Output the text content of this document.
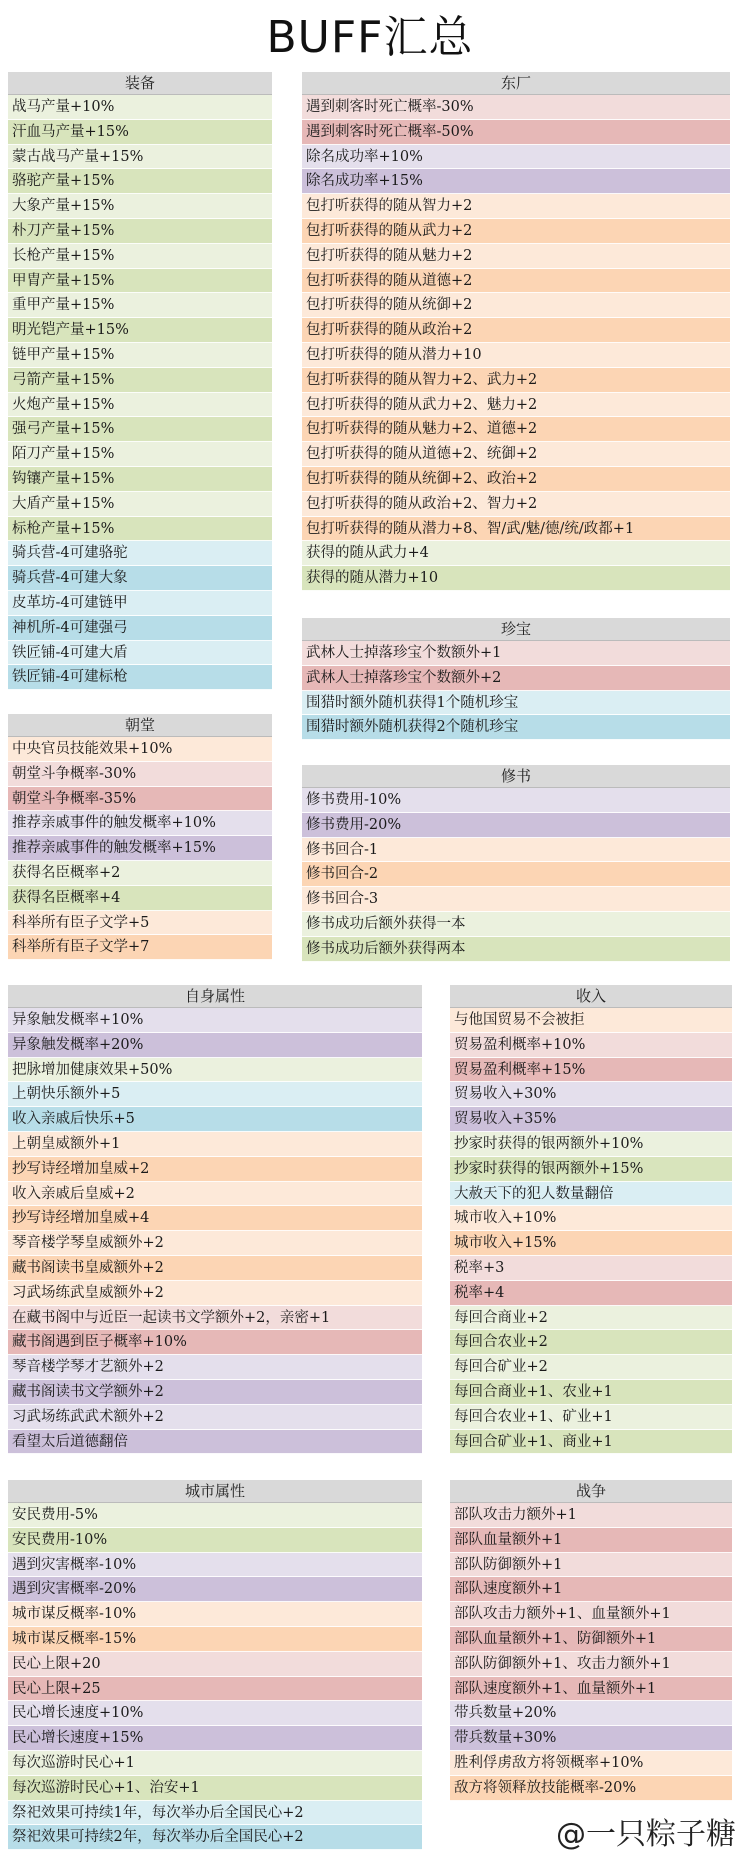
BUFF汇总
装备
战马产量+10%
汗血马产量+15%
蒙古战马产量+15%
骆驼产量+15%
大象产量+15%
朴刀产量+15%
长枪产量+15%
甲胄产量+15%
重甲产量+15%
明光铠产量+15%
链甲产量+15%
弓箭产量+15%
火炮产量+15%
强弓产量+15%
陌刀产量+15%
钩镶产量+15%
大盾产量+15%
标枪产量+15%
骑兵营-4可建骆驼
骑兵营-4可建大象
皮革坊-4可建链甲
神机所-4可建强弓
铁匠铺-4可建大盾
铁匠铺-4可建标枪
东厂
遇到刺客时死亡概率-30%
遇到刺客时死亡概率-50%
除名成功率+10%
除名成功率+15%
包打听获得的随从智力+2
包打听获得的随从武力+2
包打听获得的随从魅力+2
包打听获得的随从道德+2
包打听获得的随从统御+2
包打听获得的随从政治+2
包打听获得的随从潜力+10
包打听获得的随从智力+2、武力+2
包打听获得的随从武力+2、魅力+2
包打听获得的随从魅力+2、道德+2
包打听获得的随从道德+2、统御+2
包打听获得的随从统御+2、政治+2
包打听获得的随从政治+2、智力+2
包打听获得的随从潜力+8、智/武/魅/德/统/政都+1
获得的随从武力+4
获得的随从潜力+10
珍宝
武林人士掉落珍宝个数额外+1
武林人士掉落珍宝个数额外+2
围猎时额外随机获得1个随机珍宝
围猎时额外随机获得2个随机珍宝
朝堂
中央官员技能效果+10%
朝堂斗争概率-30%
朝堂斗争概率-35%
推荐亲戚事件的触发概率+10%
推荐亲戚事件的触发概率+15%
获得名臣概率+2
获得名臣概率+4
科举所有臣子文学+5
科举所有臣子文学+7
修书
修书费用-10%
修书费用-20%
修书回合-1
修书回合-2
修书回合-3
修书成功后额外获得一本
修书成功后额外获得两本
自身属性
异象触发概率+10%
异象触发概率+20%
把脉增加健康效果+50%
上朝快乐额外+5
收入亲戚后快乐+5
上朝皇威额外+1
抄写诗经增加皇威+2
收入亲戚后皇威+2
抄写诗经增加皇威+4
琴音楼学琴皇威额外+2
藏书阁读书皇威额外+2
习武场练武皇威额外+2
在藏书阁中与近臣一起读书文学额外+2，亲密+1
藏书阁遇到臣子概率+10%
琴音楼学琴才艺额外+2
藏书阁读书文学额外+2
习武场练武武术额外+2
看望太后道德翻倍
收入
与他国贸易不会被拒
贸易盈利概率+10%
贸易盈利概率+15%
贸易收入+30%
贸易收入+35%
抄家时获得的银两额外+10%
抄家时获得的银两额外+15%
大赦天下的犯人数量翻倍
城市收入+10%
城市收入+15%
税率+3
税率+4
每回合商业+2
每回合农业+2
每回合矿业+2
每回合商业+1、农业+1
每回合农业+1、矿业+1
每回合矿业+1、商业+1
城市属性
安民费用-5%
安民费用-10%
遇到灾害概率-10%
遇到灾害概率-20%
城市谋反概率-10%
城市谋反概率-15%
民心上限+20
民心上限+25
民心增长速度+10%
民心增长速度+15%
每次巡游时民心+1
每次巡游时民心+1、治安+1
祭祀效果可持续1年，每次举办后全国民心+2
祭祀效果可持续2年，每次举办后全国民心+2
战争
部队攻击力额外+1
部队血量额外+1
部队防御额外+1
部队速度额外+1
部队攻击力额外+1、血量额外+1
部队血量额外+1、防御额外+1
部队防御额外+1、攻击力额外+1
部队速度额外+1、血量额外+1
带兵数量+20%
带兵数量+30%
胜利俘虏敌方将领概率+10%
敌方将领释放技能概率-20%
@一只粽子糖
